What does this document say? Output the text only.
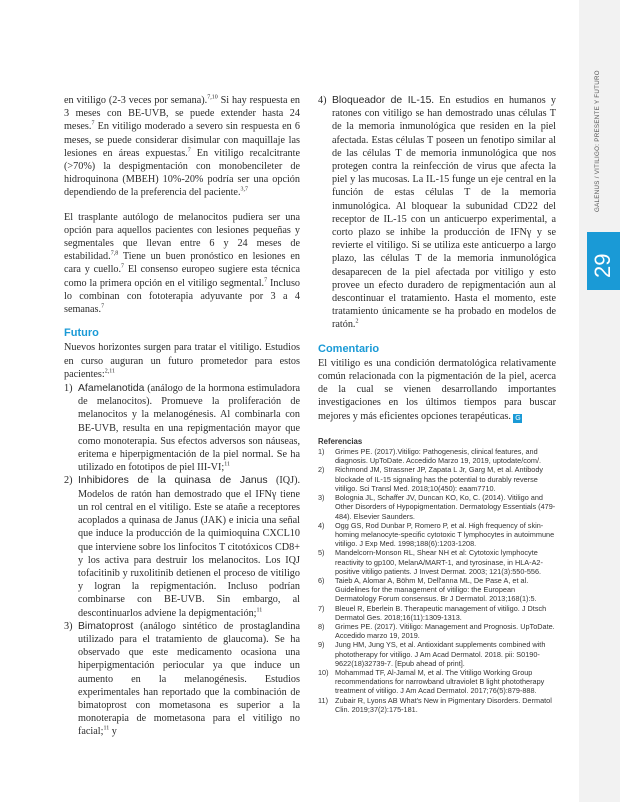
GALENUS / VITILIGO: PRESENTE Y FUTURO
29

en vitiligo (2-3 veces por semana).$^{7,10}$ Si hay respuesta en 3 meses con BE-UVB, se puede extender hasta 24 meses.$^7$ En vitiligo moderado a severo sin respuesta en 6 meses, se puede considerar disimular con maquillaje las lesiones en áreas expuestas.$^7$ En vitiligo recalcitrante (>70%) la despigmentación con monobencileter de hidroquinona (MBEH) 10%-20% podría ser una opción dependiendo de la preferencia del paciente.$^{3,7}$

El trasplante autólogo de melanocitos pudiera ser una opción para aquellos pacientes con lesiones pequeñas y segmentales que llevan entre 6 y 24 meses de estabilidad.$^{7,8}$ Tiene un buen pronóstico en lesiones en cara y cuello.$^7$ El consenso europeo sugiere esta técnica como la primera opción en el vitiligo segmental.$^7$ Incluso lo combinan con fototerapia adyuvante por 3 a 4 semanas.$^7$

Futuro
Nuevos horizontes surgen para tratar el vitiligo. Estudios en curso auguran un futuro prometedor para estos pacientes:$^{2,11}$
1) Afamelanotida (análogo de la hormona estimuladora de melanocitos). Promueve la proliferación de melanocitos y la melanogénesis. Al combinarla con BE-UVB, resulta en una repigmentación mayor que como monoterapia. Sus efectos adversos son náuseas, eritema e hiperpigmentación de la piel normal. Se ha utilizado en fototipos de piel III-VI;$^{11}$
2) Inhibidores de la quinasa de Janus (IQJ). Modelos de ratón han demostrado que el IFNγ tiene un rol central en el vitiligo. Este se atañe a receptores acoplados a quinasa de Janus (JAK) e inicia una señal que induce la producción de la quimioquina CXCL10 que interviene sobre los linfocitos T citotóxicos CD8+ y los activa para destruir los melanocitos. Los IQJ tofacitinib y ruxolitinib detienen el proceso de vitiligo y logran la repigmentación. Incluso podrían combinarse con BE-UVB. Sin embargo, al descontinuarlos adviene la depigmentación;$^{11}$
3) Bimatoprost (análogo sintético de prostaglandina utilizado para el tratamiento de glaucoma). Se ha observado que este medicamento ocasiona una hiperpigmentación periocular ya que induce un aumento en la melanogénesis. Estudios experimentales han reportado que la combinación de bimatoprost con mometasona es superior a la monoterapia de mometasona para el vitiligo no facial;$^{11}$ y
4) Bloqueador de IL-15. En estudios en humanos y ratones con vitiligo se han demostrado unas células T de la memoria inmunológica que residen en la piel afectada. Estas células T poseen un fenotipo similar al de las células T de memoria inmunológica que nos protegen contra la reinfección de virus que afecta la piel y las mucosas. La IL-15 funge un eje central en la función de estas células T de la memoria inmunológica. Al bloquear la subunidad CD22 del receptor de IL-15 con un anticuerpo experimental, a corto plazo se inhibe la producción de IFNγ y se revierte el vitiligo. Si se utiliza este anticuerpo a largo plazo, las células T de la memoria inmunológica desaparecen de la piel afectada por vitiligo y esto provee un efecto duradero de repigmentación aun al descontinuar el tratamiento. Hasta el momento, este tratamiento únicamente se ha probado en modelos de ratón.$^2$
Comentario
El vitiligo es una condición dermatológica relativamente común relacionada con la pigmentación de la piel, acerca de la cual se vienen desarrollando importantes investigaciones en los últimos tiempos para buscar mejores y más eficientes opciones terapéuticas. G
Referencias
1)	Grimes PE. (2017).Vitiligo: Pathogenesis, clinical features, and diagnosis. UpToDate. Accedido Marzo 19, 2019, uptodate/com/.
2)	Richmond JM, Strassner JP, Zapata L Jr, Garg M, et al. Antibody blockade of IL-15 signaling has the potential to durably reverse vitiligo. Sci Transl Med. 2018;10(450): eaam7710.
3)	Bolognia JL, Schaffer JV, Duncan KO, Ko, C. (2014). Vitiligo and Other Disorders of Hypopigmentation. Dermatology Essentials (479-484). Elsevier Saunders.
4)	Ogg GS, Rod Dunbar P, Romero P, et al. High frequency of skin-homing melanocyte-specific cytotoxic T lymphocytes in autoimmune vitiligo. J Exp Med. 1998;188(6):1203-1208.
5)	Mandelcorn-Monson RL, Shear NH et al: Cytotoxic lymphocyte reactivity to gp100, MelanA/MART-1, and tyrosinase, in HLA-A2-positive vitiligo patients. J Invest Dermat. 2003; 121(3):550-556.
6)	Taieb A, Alomar A, Böhm M, Dell'anna ML, De Pase A, et al. Guidelines for the management of vitiligo: the European Dermatology Forum consensus. Br J Dermatol. 2013;168(1):5.
7)	Bleuel R, Eberlein B. Therapeutic management of vitiligo. J Dtsch Dermatol Ges. 2018;16(11):1309-1313.
8)	Grimes PE. (2017). Vitiligo: Management and Prognosis. UpToDate. Accedido marzo 19, 2019.
9)	Jung HM, Jung YS, et al. Antioxidant supplements combined with phototherapy for vitiligo. J Am Acad Dermatol. 2018. pii: S0190-9622(18)32739-7. [Epub ahead of print].
10) Mohammad TF, Al-Jamal M, et al. The Vitiligo Working Group recommendations for narrowband ultraviolet B light phototherapy treatment of vitiligo. J Am Acad Dermatol. 2017;76(5):879-888.
11) Zubair R, Lyons AB What's New in Pigmentary Disorders. Dermatol Clin. 2019;37(2):175-181.
